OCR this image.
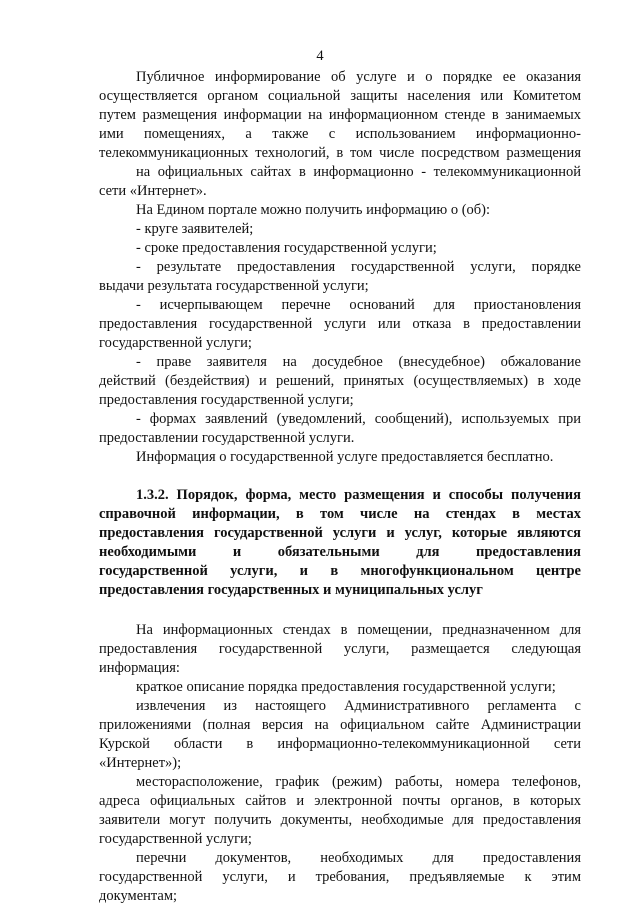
4
Публичное информирование об услуге и о порядке ее оказания
осуществляется органом социальной защиты населения или Комитетом
путем размещения информации на информационном стенде в занимаемых
ими помещениях, а также с использованием информационно-
телекоммуникационных технологий, в том числе посредством размещения
на официальных сайтах в информационно - телекоммуникационной
сети «Интернет».
На Едином портале можно получить информацию о (об):
- круге заявителей;
- сроке предоставления государственной услуги;
- результате предоставления государственной услуги, порядке
выдачи результата государственной услуги;
- исчерпывающем перечне оснований для приостановления
предоставления государственной услуги или отказа в предоставлении
государственной услуги;
- праве заявителя на досудебное (внесудебное) обжалование
действий (бездействия) и решений, принятых (осуществляемых) в ходе
предоставления государственной услуги;
- формах заявлений (уведомлений, сообщений), используемых при
предоставлении государственной услуги.
Информация о государственной услуге предоставляется бесплатно.
1.3.2. Порядок, форма, место размещения и способы получения
справочной информации, в том числе на стендах в местах
предоставления государственной услуги и услуг, которые являются
необходимыми и обязательными для предоставления
государственной услуги, и в многофункциональном центре
предоставления государственных и муниципальных услуг
На информационных стендах в помещении, предназначенном для
предоставления государственной услуги, размещается следующая
информация:
краткое описание порядка предоставления государственной услуги;
извлечения из настоящего Административного регламента с
приложениями (полная версия на официальном сайте Администрации
Курской области в информационно-телекоммуникационной сети
«Интернет»);
месторасположение, график (режим) работы, номера телефонов,
адреса официальных сайтов и электронной почты органов, в которых
заявители могут получить документы, необходимые для предоставления
государственной услуги;
перечни документов, необходимых для предоставления
государственной услуги, и требования, предъявляемые к этим
документам;
